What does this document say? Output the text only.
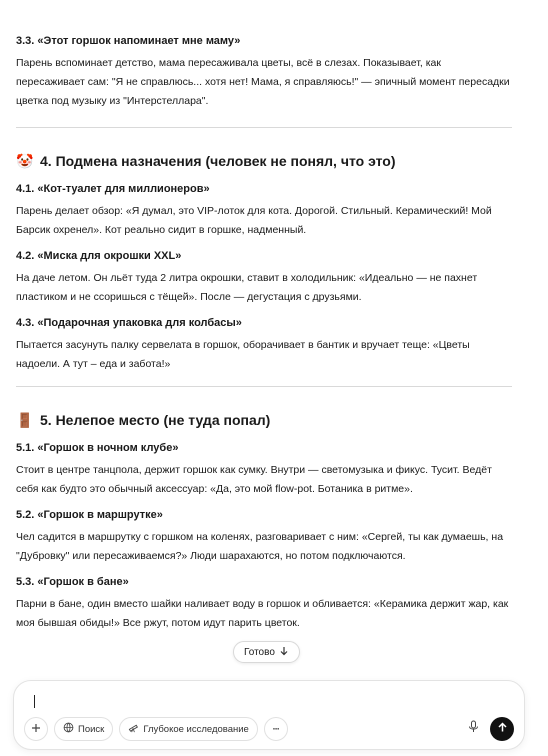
3.3. «Этот горшок напоминает мне маму»
Парень вспоминает детство, мама пересаживала цветы, всё в слезах. Показывает, как пересаживает сам: "Я не справлюсь... хотя нет! Мама, я справляюсь!" — эпичный момент пересадки цветка под музыку из "Интерстеллара".
🤡 4. Подмена назначения (человек не понял, что это)
4.1. «Кот-туалет для миллионеров»
Парень делает обзор: «Я думал, это VIP-лоток для кота. Дорогой. Стильный. Керамический! Мой Барсик охренел». Кот реально сидит в горшке, надменный.
4.2. «Миска для окрошки XXL»
На даче летом. Он льёт туда 2 литра окрошки, ставит в холодильник: «Идеально — не пахнет пластиком и не ссоришься с тёщей». После — дегустация с друзьями.
4.3. «Подарочная упаковка для колбасы»
Пытается засунуть палку сервелата в горшок, оборачивает в бантик и вручает теще: «Цветы надоели. А тут – еда и забота!»
🚪 5. Нелепое место (не туда попал)
5.1. «Горшок в ночном клубе»
Стоит в центре танцпола, держит горшок как сумку. Внутри — светомузыка и фикус. Тусит. Ведёт себя как будто это обычный аксессуар: «Да, это мой flow-pot. Ботаника в ритме».
5.2. «Горшок в маршрутке»
Чел садится в маршрутку с горшком на коленях, разговаривает с ним: «Сергей, ты как думаешь, на "Дубровку" или пересаживаемся?» Люди шарахаются, но потом подключаются.
5.3. «Горшок в бане»
Парни в бане, один вместо шайки наливает воду в горшок и обливается: «Керамика держит жар, как моя бывшая обиды!» Все ржут, потом идут парить цветок.
Готово
Поиск	Глубокое исследование	···
